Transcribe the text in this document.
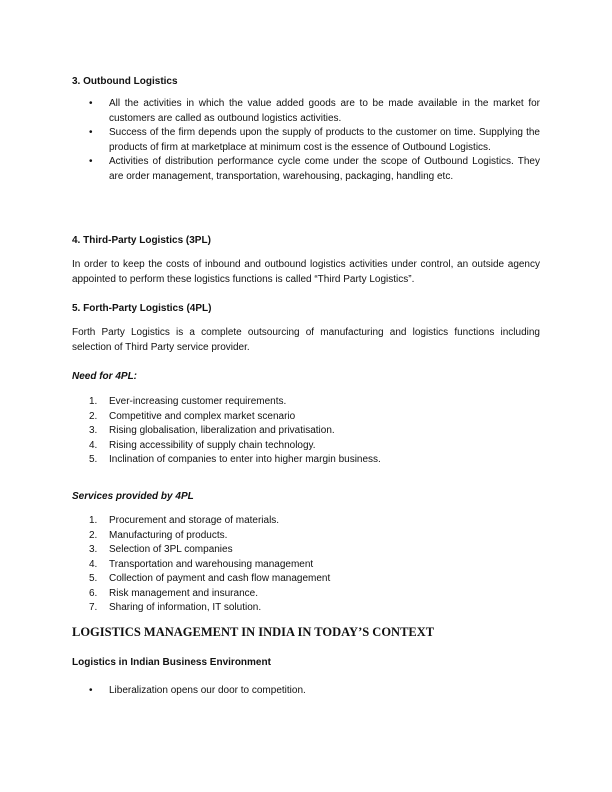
3. Outbound Logistics
• All the activities in which the value added goods are to be made available in the market for customers are called as outbound logistics activities.
• Success of the firm depends upon the supply of products to the customer on time. Supplying the products of firm at marketplace at minimum cost is the essence of Outbound Logistics.
• Activities of distribution performance cycle come under the scope of Outbound Logistics. They are order management, transportation, warehousing, packaging, handling etc.
4. Third-Party Logistics (3PL)
In order to keep the costs of inbound and outbound logistics activities under control, an outside agency appointed to perform these logistics functions is called “Third Party Logistics”.
5. Forth-Party Logistics (4PL)
Forth Party Logistics is a complete outsourcing of manufacturing and logistics functions including selection of Third Party service provider.
Need for 4PL:
1. Ever-increasing customer requirements.
2. Competitive and complex market scenario
3. Rising globalisation, liberalization and privatisation.
4. Rising accessibility of supply chain technology.
5. Inclination of companies to enter into higher margin business.
Services provided by 4PL
1. Procurement and storage of materials.
2. Manufacturing of products.
3. Selection of 3PL companies
4. Transportation and warehousing management
5. Collection of payment and cash flow management
6. Risk management and insurance.
7. Sharing of information, IT solution.
LOGISTICS MANAGEMENT IN INDIA IN TODAY’S CONTEXT
Logistics in Indian Business Environment
• Liberalization opens our door to competition.
